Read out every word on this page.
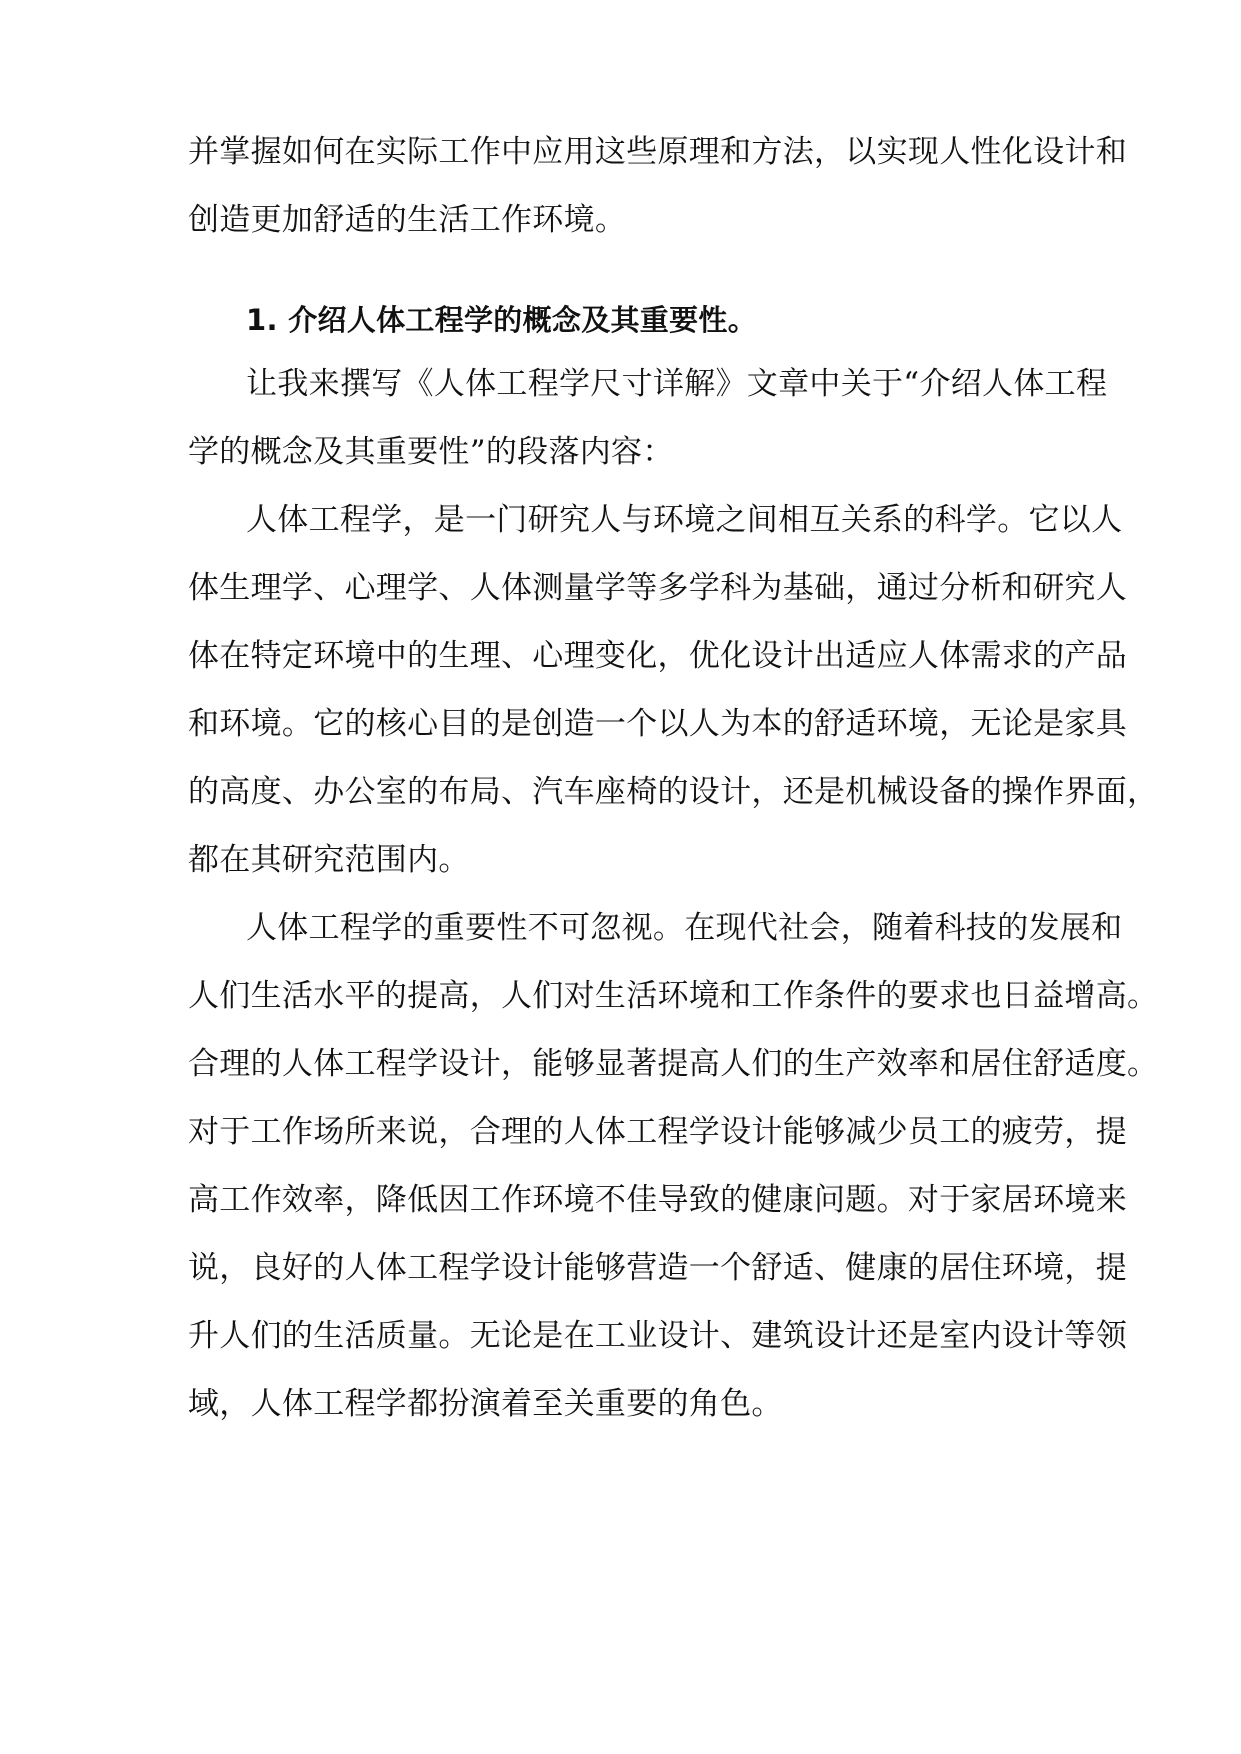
并掌握如何在实际工作中应用这些原理和方法，以实现人性化设计和
创造更加舒适的生活工作环境。
1. 介绍人体工程学的概念及其重要性。
让我来撰写《人体工程学尺寸详解》文章中关于“介绍人体工程
学的概念及其重要性”的段落内容：
人体工程学，是一门研究人与环境之间相互关系的科学。它以人
体生理学、心理学、人体测量学等多学科为基础，通过分析和研究人
体在特定环境中的生理、心理变化，优化设计出适应人体需求的产品
和环境。它的核心目的是创造一个以人为本的舒适环境，无论是家具
的高度、办公室的布局、汽车座椅的设计，还是机械设备的操作界面，
都在其研究范围内。
人体工程学的重要性不可忽视。在现代社会，随着科技的发展和
人们生活水平的提高，人们对生活环境和工作条件的要求也日益增高。
合理的人体工程学设计，能够显著提高人们的生产效率和居住舒适度。
对于工作场所来说，合理的人体工程学设计能够减少员工的疲劳，提
高工作效率，降低因工作环境不佳导致的健康问题。对于家居环境来
说，良好的人体工程学设计能够营造一个舒适、健康的居住环境，提
升人们的生活质量。无论是在工业设计、建筑设计还是室内设计等领
域，人体工程学都扮演着至关重要的角色。
